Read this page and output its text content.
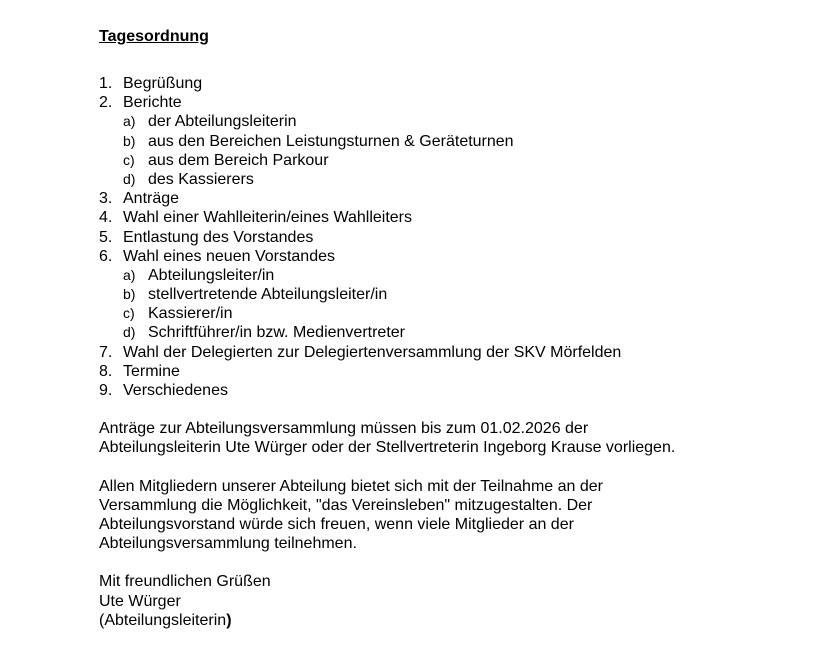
Tagesordnung
1. Begrüßung
2. Berichte
a) der Abteilungsleiterin
b) aus den Bereichen Leistungsturnen & Geräteturnen
c) aus dem Bereich Parkour
d) des Kassierers
3. Anträge
4. Wahl einer Wahlleiterin/eines Wahlleiters
5. Entlastung des Vorstandes
6. Wahl eines neuen Vorstandes
a) Abteilungsleiter/in
b) stellvertretende Abteilungsleiter/in
c) Kassierer/in
d) Schriftführer/in bzw. Medienvertreter
7. Wahl der Delegierten zur Delegiertenversammlung der SKV Mörfelden
8. Termine
9. Verschiedenes
Anträge zur Abteilungsversammlung müssen bis zum 01.02.2026 der
Abteilungsleiterin Ute Würger oder der Stellvertreterin Ingeborg Krause vorliegen.
Allen Mitgliedern unserer Abteilung bietet sich mit der Teilnahme an der
Versammlung die Möglichkeit, "das Vereinsleben" mitzugestalten. Der
Abteilungsvorstand würde sich freuen, wenn viele Mitglieder an der
Abteilungsversammlung teilnehmen.
Mit freundlichen Grüßen
Ute Würger
(Abteilungsleiterin)
